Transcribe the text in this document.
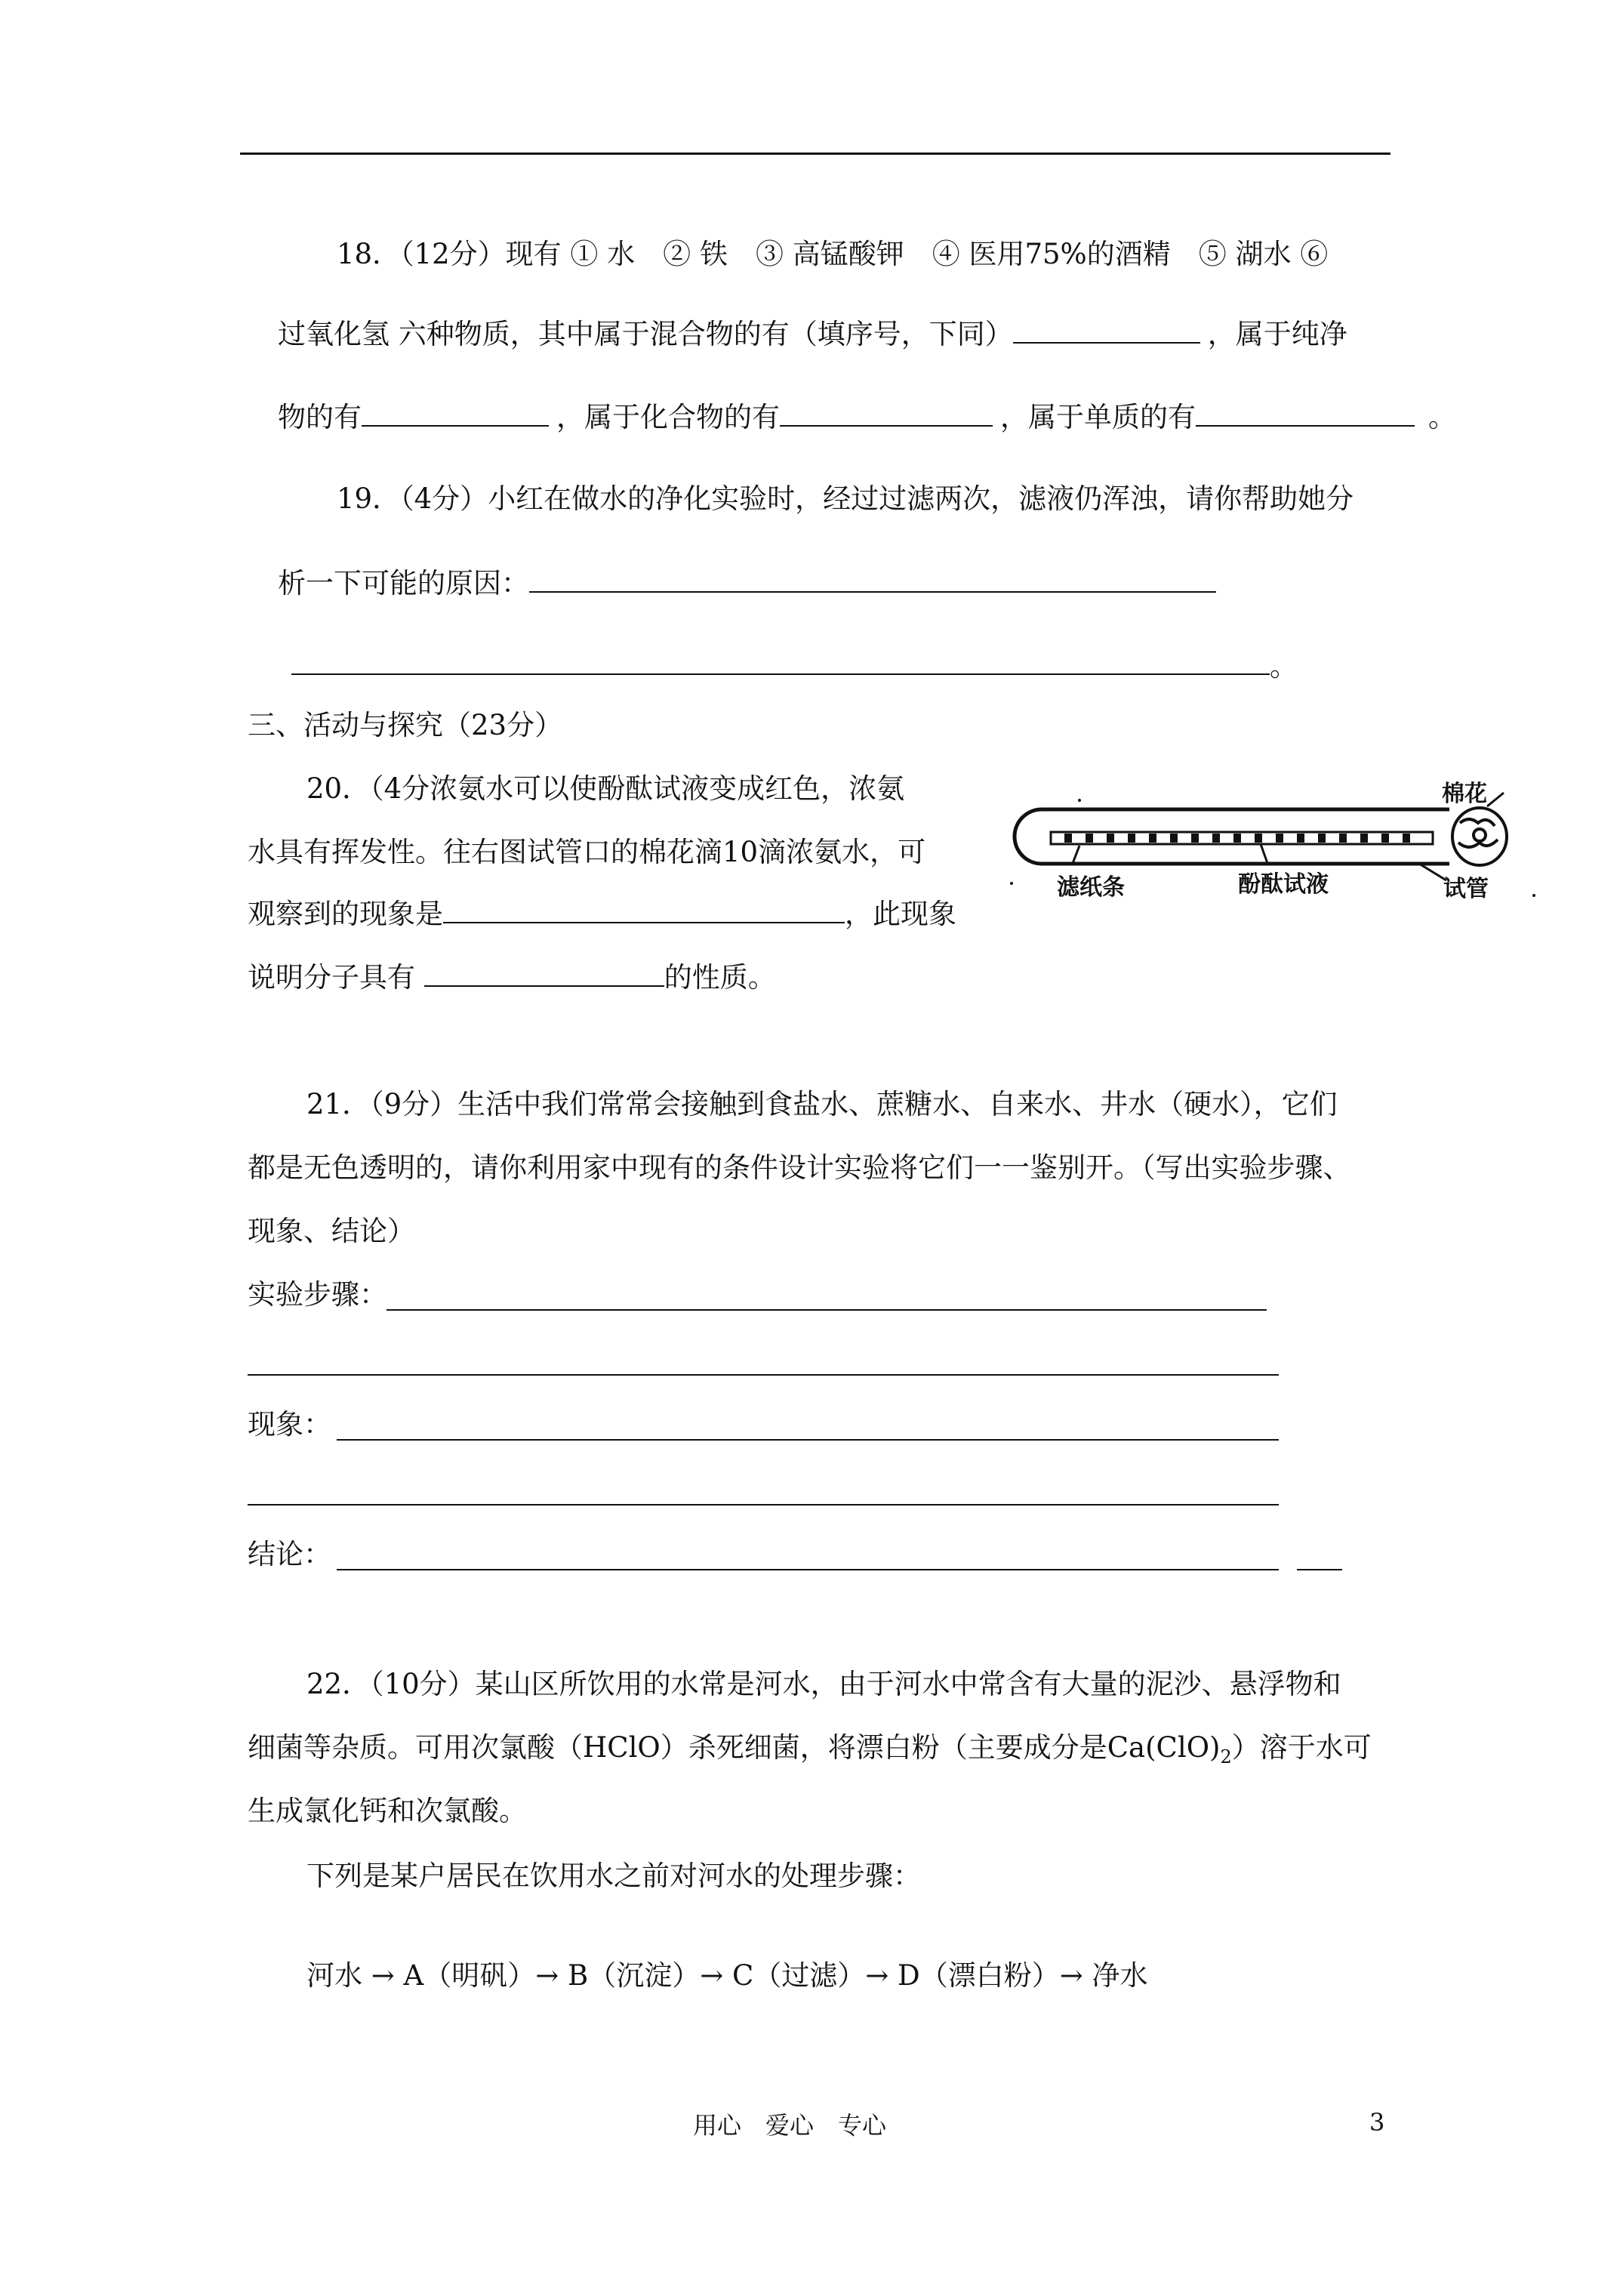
18．（12分）现有 ① 水　② 铁　③ 高锰酸钾　④ 医用75%的酒精　⑤ 湖水 ⑥
过氧化氢 六种物质，其中属于混合物的有（填序号，下同）	，属于纯净
物的有	，属于化合物的有	，属于单质的有	。
19．（4分）小红在做水的净化实验时，经过过滤两次，滤液仍浑浊，请你帮助她分
析一下可能的原因：
。
三、活动与探究（23分）
20．（4分浓氨水可以使酚酞试液变成红色，浓氨
水具有挥发性。往右图试管口的棉花滴10滴浓氨水，可
观察到的现象是	，此现象
说明分子具有	的性质。
棉花
滤纸条	酚酞试液	试管
21．（9分）生活中我们常常会接触到食盐水、蔗糖水、自来水、井水（硬水），它们
都是无色透明的，请你利用家中现有的条件设计实验将它们一一鉴别开。（写出实验步骤、
现象、结论）
实验步骤：
现象：
结论：
22．（10分）某山区所饮用的水常是河水，由于河水中常含有大量的泥沙、悬浮物和
细菌等杂质。可用次氯酸（HClO）杀死细菌，将漂白粉（主要成分是$Ca(ClO)_2$）溶于水可
生成氯化钙和次氯酸。
下列是某户居民在饮用水之前对河水的处理步骤：
河水 → A（明矾）→ B（沉淀）→ C（过滤）→ D（漂白粉）→ 净水
用心　爱心　专心	3
